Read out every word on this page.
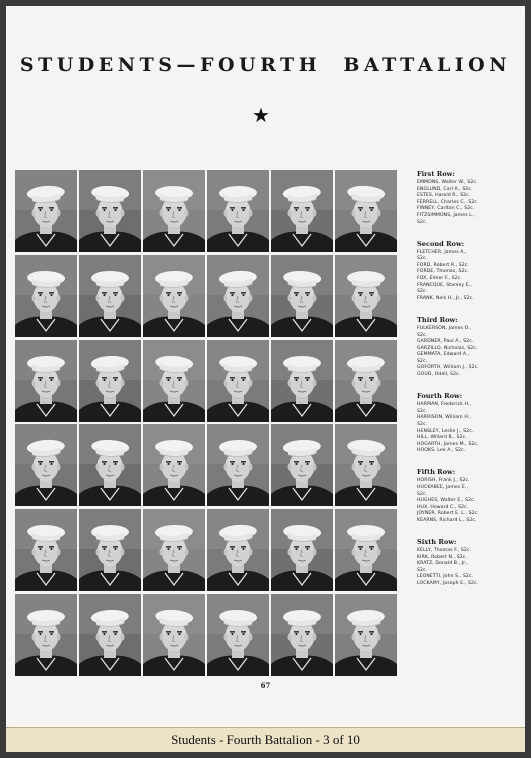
STUDENTS—FOURTH  BATTALION
★
First Row:
EMMONS, Walter W., S2c.
ENGLUND, Carl A., S2c.
ESTES, Harold R., S2c.
FERRELL, Charles C., S2c.
FINNEY, Carlton C., S2c.
FITZSIMMONS, James L.,
S2c.
Second Row:
FLETCHER, James A.,
S2c.
FORD, Robert R., S2c.
FORDE, Thomas, S2c.
FOX, Elmer F., S2c.
FRANCQUE, Stanley E.,
S2c.
FRANK, Nels H., Jr., S2c.
Third Row:
FULKERSON, James O.,
S2c.
GARDNER, Paul A., S2c.
GARZILLO, Nicholas, S2c.
GEMMATA, Edward A.,
S2c.
GOFORTH, William J., S2c.
GOUD, Odell, S2c.
Fourth Row:
HARMAN, Frederick H.,
S2c.
HARRISON, William H.,
S2c.
HENSLEY, Leslie J., S2c.
HILL, Willard B., S2c.
HOGARTH, James M., S2c.
HOOKS, Lee A., S2c.
Fifth Row:
HORISH, Frank J., S2c.
HUCKABEE, James E.,
S2c.
HUGHES, Walter E., S2c.
HUX, Howard C., S2c.
JOYNER, Robert E. L., S2c.
KEARNS, Richard L., S2c.
Sixth Row:
KELLY, Thomas F., S2c.
KIRK, Robert N., S2c.
KRATZ, Donald B., Jr.,
S2c.
LEONETTI, John S., S2c.
LOCKAMY, Joseph E., S2c.
67
Students - Fourth Battalion - 3 of 10
